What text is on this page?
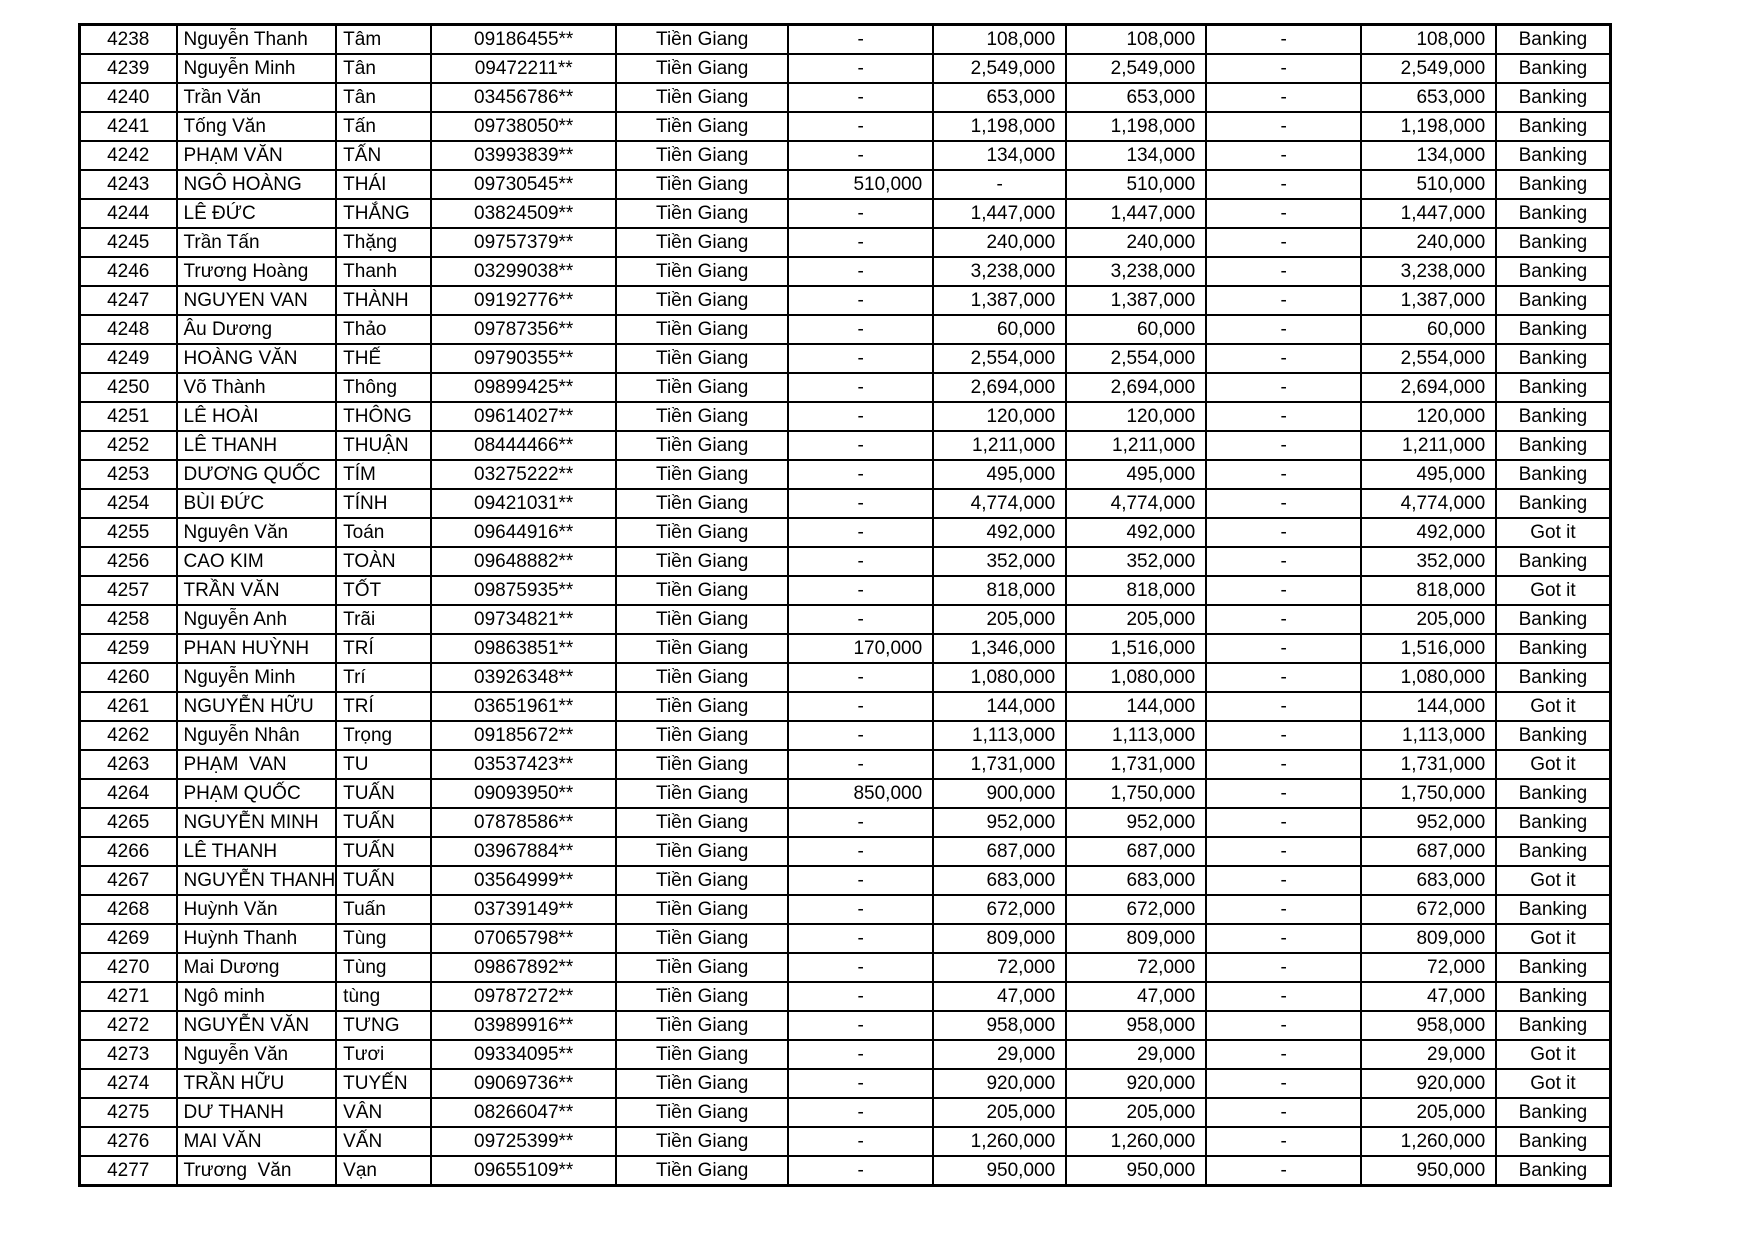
4238	Nguyễn Thanh	Tâm	09186455**	Tiền Giang	-	108,000	108,000	-	108,000	Banking
4239	Nguyễn Minh	Tân	09472211**	Tiền Giang	-	2,549,000	2,549,000	-	2,549,000	Banking
4240	Trần Văn	Tân	03456786**	Tiền Giang	-	653,000	653,000	-	653,000	Banking
4241	Tống Văn	Tấn	09738050**	Tiền Giang	-	1,198,000	1,198,000	-	1,198,000	Banking
4242	PHẠM VĂN	TẤN	03993839**	Tiền Giang	-	134,000	134,000	-	134,000	Banking
4243	NGÔ HOÀNG	THÁI	09730545**	Tiền Giang	510,000	-	510,000	-	510,000	Banking
4244	LÊ ĐỨC	THẮNG	03824509**	Tiền Giang	-	1,447,000	1,447,000	-	1,447,000	Banking
4245	Trần Tấn	Thặng	09757379**	Tiền Giang	-	240,000	240,000	-	240,000	Banking
4246	Trương Hoàng	Thanh	03299038**	Tiền Giang	-	3,238,000	3,238,000	-	3,238,000	Banking
4247	NGUYEN VAN	THÀNH	09192776**	Tiền Giang	-	1,387,000	1,387,000	-	1,387,000	Banking
4248	Âu Dương	Thảo	09787356**	Tiền Giang	-	60,000	60,000	-	60,000	Banking
4249	HOÀNG VĂN	THẾ	09790355**	Tiền Giang	-	2,554,000	2,554,000	-	2,554,000	Banking
4250	Võ Thành	Thông	09899425**	Tiền Giang	-	2,694,000	2,694,000	-	2,694,000	Banking
4251	LÊ HOÀI	THÔNG	09614027**	Tiền Giang	-	120,000	120,000	-	120,000	Banking
4252	LÊ THANH	THUẬN	08444466**	Tiền Giang	-	1,211,000	1,211,000	-	1,211,000	Banking
4253	DƯƠNG QUỐC	TÍM	03275222**	Tiền Giang	-	495,000	495,000	-	495,000	Banking
4254	BÙI ĐỨC	TÍNH	09421031**	Tiền Giang	-	4,774,000	4,774,000	-	4,774,000	Banking
4255	Nguyên Văn	Toán	09644916**	Tiền Giang	-	492,000	492,000	-	492,000	Got it
4256	CAO KIM	TOÀN	09648882**	Tiền Giang	-	352,000	352,000	-	352,000	Banking
4257	TRẦN VĂN	TỐT	09875935**	Tiền Giang	-	818,000	818,000	-	818,000	Got it
4258	Nguyễn Anh	Trãi	09734821**	Tiền Giang	-	205,000	205,000	-	205,000	Banking
4259	PHAN HUỲNH	TRÍ	09863851**	Tiền Giang	170,000	1,346,000	1,516,000	-	1,516,000	Banking
4260	Nguyễn Minh	Trí	03926348**	Tiền Giang	-	1,080,000	1,080,000	-	1,080,000	Banking
4261	NGUYỄN HỮU	TRÍ	03651961**	Tiền Giang	-	144,000	144,000	-	144,000	Got it
4262	Nguyễn Nhân	Trọng	09185672**	Tiền Giang	-	1,113,000	1,113,000	-	1,113,000	Banking
4263	PHẠM  VAN	TU	03537423**	Tiền Giang	-	1,731,000	1,731,000	-	1,731,000	Got it
4264	PHẠM QUỐC	TUẤN	09093950**	Tiền Giang	850,000	900,000	1,750,000	-	1,750,000	Banking
4265	NGUYỄN MINH	TUẤN	07878586**	Tiền Giang	-	952,000	952,000	-	952,000	Banking
4266	LÊ THANH	TUẤN	03967884**	Tiền Giang	-	687,000	687,000	-	687,000	Banking
4267	NGUYỄN THANH	TUẤN	03564999**	Tiền Giang	-	683,000	683,000	-	683,000	Got it
4268	Huỳnh Văn	Tuấn	03739149**	Tiền Giang	-	672,000	672,000	-	672,000	Banking
4269	Huỳnh Thanh	Tùng	07065798**	Tiền Giang	-	809,000	809,000	-	809,000	Got it
4270	Mai Dương	Tùng	09867892**	Tiền Giang	-	72,000	72,000	-	72,000	Banking
4271	Ngô minh	tùng	09787272**	Tiền Giang	-	47,000	47,000	-	47,000	Banking
4272	NGUYỄN VĂN	TƯNG	03989916**	Tiền Giang	-	958,000	958,000	-	958,000	Banking
4273	Nguyễn Văn	Tươi	09334095**	Tiền Giang	-	29,000	29,000	-	29,000	Got it
4274	TRẦN HỮU	TUYẾN	09069736**	Tiền Giang	-	920,000	920,000	-	920,000	Got it
4275	DƯ THANH	VÂN	08266047**	Tiền Giang	-	205,000	205,000	-	205,000	Banking
4276	MAI VĂN	VẤN	09725399**	Tiền Giang	-	1,260,000	1,260,000	-	1,260,000	Banking
4277	Trương  Văn	Vạn	09655109**	Tiền Giang	-	950,000	950,000	-	950,000	Banking
